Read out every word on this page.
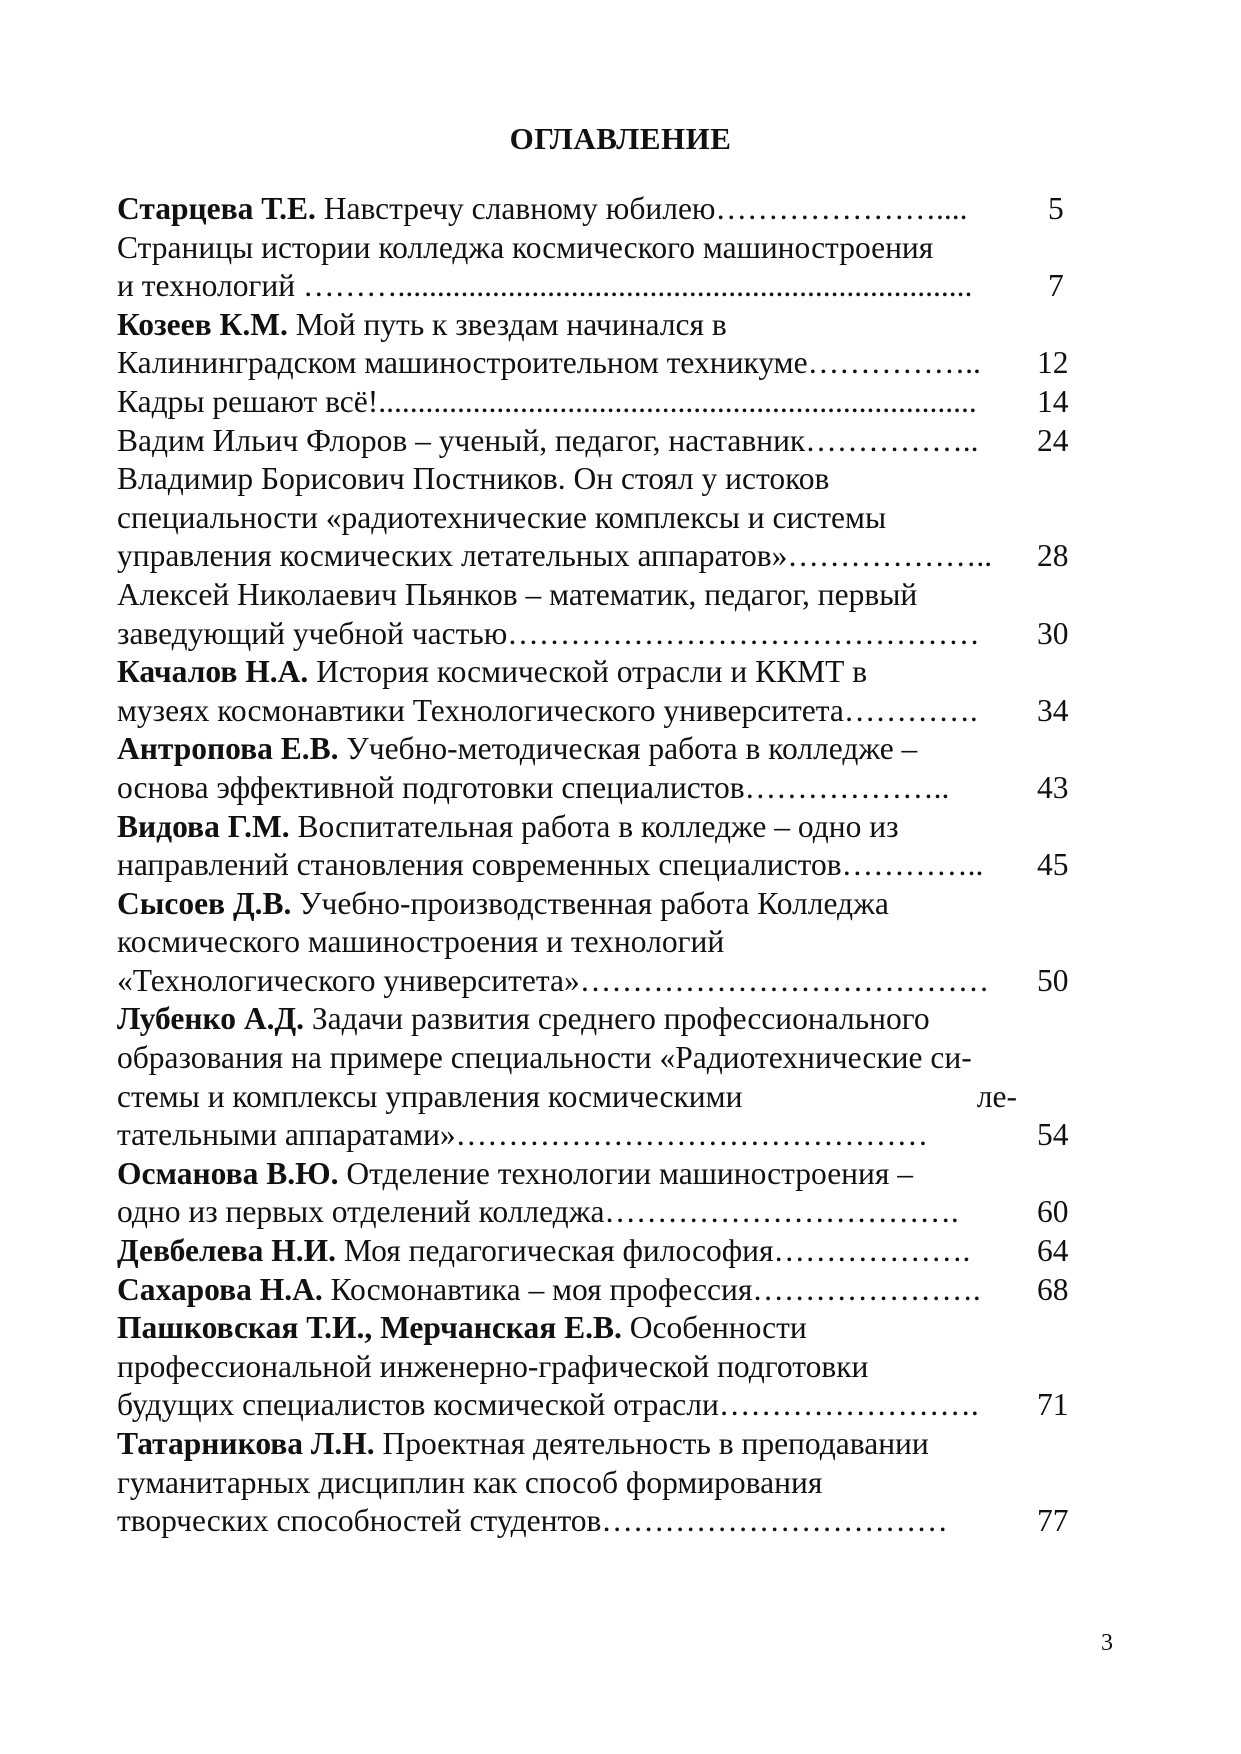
ОГЛАВЛЕНИЕ
Старцева Т.Е. Навстречу славному юбилею…………………....	5
Страницы истории колледжа космического машиностроения
и технологий ………......................................................................... 7
Козеев К.М. Мой путь к звездам начинался в
Калининградском машиностроительном техникуме…………….. 12
Кадры решают всё!............................................................................ 14
Вадим Ильич Флоров – ученый, педагог, наставник…………….. 24
Владимир Борисович Постников. Он стоял у истоков
специальности «радиотехнические комплексы и системы
управления космических летательных аппаратов»……………….. 28
Алексей Николаевич Пьянков – математик, педагог, первый
заведующий учебной частью……………………………………… 30
Качалов Н.А. История космической отрасли и ККМТ в
музеях космонавтики Технологического университета…………. 34
Антропова Е.В. Учебно-методическая работа в колледже –
основа эффективной подготовки специалистов………………..	43
Видова Г.М. Воспитательная работа в колледже – одно из
направлений становления современных специалистов………….. 45
Сысоев Д.В. Учебно-производственная работа Колледжа
космического машиностроения и технологий
«Технологического университета»………………………………… 50
Лубенко А.Д. Задачи развития среднего профессионального
образования на примере специальности «Радиотехнические си-
стемы и комплексы управления космическими	ле-
тательными аппаратами»………………………………………	54
Османова В.Ю. Отделение технологии машиностроения –
одно из первых отделений колледжа……………………………. 60
Девбелева Н.И. Моя педагогическая философия………………. 64
Сахарова Н.А. Космонавтика – моя профессия…………………. 68
Пашковская Т.И., Мерчанская Е.В. Особенности
профессиональной инженерно-графической подготовки
будущих специалистов космической отрасли……………………. 71
Татарникова Л.Н. Проектная деятельность в преподавании
гуманитарных дисциплин как способ формирования
творческих способностей студентов……………………………	77
3
